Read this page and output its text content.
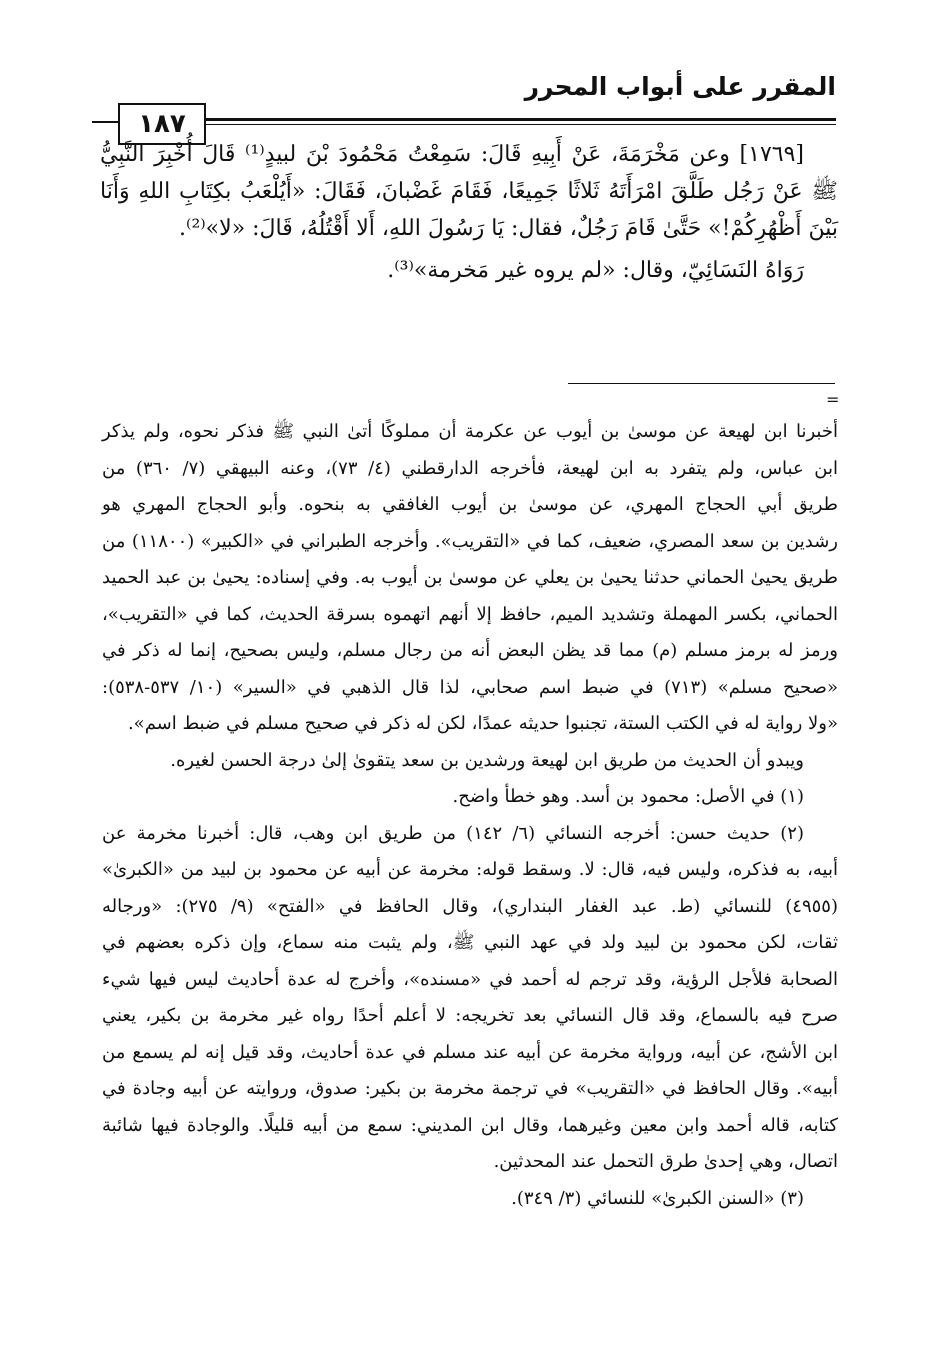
المقرر على أبواب المحرر
١٨٧
[١٧٦٩] وعن مَخْرَمَةَ، عَنْ أَبِيهِ قَالَ: سَمِعْتُ مَحْمُودَ بْنَ لبيدٍ⁽¹⁾ قَالَ أُخْبِرَ النَّبِيُّ
ﷺ عَنْ رَجُل طَلَّقَ امْرَأَتَهُ ثَلاثًا جَمِيعًا، فَقَامَ غَضْبانَ، فَقَالَ: «أَيُلْعَبُ بكِتَابِ اللهِ وَأَنَا
بَيْنَ أَظْهُرِكُمْ!» حَتَّىٰ قَامَ رَجُلٌ، فقال: يَا رَسُولَ اللهِ، أَلا أَقْتُلُهُ، قَالَ: «لا»⁽²⁾.
رَوَاهُ النَسَائِيّ، وقال: «لم يروه غير مَخرمة»⁽³⁾.
=
أخبرنا ابن لهيعة عن موسىٰ بن أيوب عن عكرمة أن مملوكًا أتىٰ النبي ﷺ فذكر نحوه، ولم يذكر
ابن عباس، ولم يتفرد به ابن لهيعة، فأخرجه الدارقطني (٤/ ٧٣)، وعنه البيهقي (٧/ ٣٦٠) من
طريق أبي الحجاج المهري، عن موسىٰ بن أيوب الغافقي به بنحوه. وأبو الحجاج المهري هو
رشدين بن سعد المصري، ضعيف، كما في «التقريب». وأخرجه الطبراني في «الكبير» (١١٨٠٠) من
طريق يحيىٰ الحماني حدثنا يحيىٰ بن يعلي عن موسىٰ بن أيوب به. وفي إسناده: يحيىٰ بن عبد الحميد
الحماني، بكسر المهملة وتشديد الميم، حافظ إلا أنهم اتهموه بسرقة الحديث، كما في «التقريب»،
ورمز له برمز مسلم (م) مما قد يظن البعض أنه من رجال مسلم، وليس بصحيح، إنما له ذكر في
«صحيح مسلم» (٧١٣) في ضبط اسم صحابي، لذا قال الذهبي في «السير» (١٠/ ٥٣٧-٥٣٨):
«ولا رواية له في الكتب الستة، تجنبوا حديثه عمدًا، لكن له ذكر في صحيح مسلم في ضبط اسم».
ويبدو أن الحديث من طريق ابن لهيعة ورشدين بن سعد يتقوىٰ إلىٰ درجة الحسن لغيره.
(١) في الأصل: محمود بن أسد. وهو خطأ واضح.
(٢) حديث حسن: أخرجه النسائي (٦/ ١٤٢) من طريق ابن وهب، قال: أخبرنا مخرمة عن
أبيه، به فذكره، وليس فيه، قال: لا. وسقط قوله: مخرمة عن أبيه عن محمود بن لبيد من «الكبرىٰ»
(٤٩٥٥) للنسائي (ط. عبد الغفار البنداري)، وقال الحافظ في «الفتح» (٩/ ٢٧٥): «ورجاله
ثقات، لكن محمود بن لبيد ولد في عهد النبي ﷺ، ولم يثبت منه سماع، وإن ذكره بعضهم في
الصحابة فلأجل الرؤية، وقد ترجم له أحمد في «مسنده»، وأخرج له عدة أحاديث ليس فيها شيء
صرح فيه بالسماع، وقد قال النسائي بعد تخريجه: لا أعلم أحدًا رواه غير مخرمة بن بكير، يعني
ابن الأشج، عن أبيه، ورواية مخرمة عن أبيه عند مسلم في عدة أحاديث، وقد قيل إنه لم يسمع من
أبيه». وقال الحافظ في «التقريب» في ترجمة مخرمة بن بكير: صدوق، وروايته عن أبيه وجادة في
كتابه، قاله أحمد وابن معين وغيرهما، وقال ابن المديني: سمع من أبيه قليلًا. والوجادة فيها شائبة
اتصال، وهي إحدىٰ طرق التحمل عند المحدثين.
(٣) «السنن الكبرىٰ» للنسائي (٣/ ٣٤٩).
